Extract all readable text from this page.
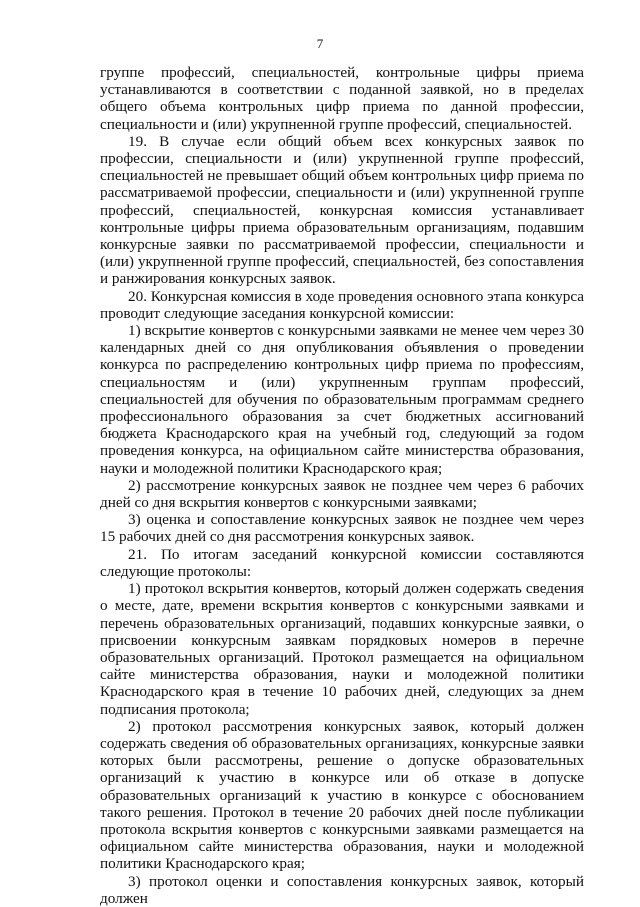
7

группе профессий, специальностей, контрольные цифры приема устанавливаются в соответствии с поданной заявкой, но в пределах общего объема контрольных цифр приема по данной профессии, специальности и (или) укрупненной группе профессий, специальностей.

19. В случае если общий объем всех конкурсных заявок по профессии, специальности и (или) укрупненной группе профессий, специальностей не превышает общий объем контрольных цифр приема по рассматриваемой профессии, специальности и (или) укрупненной группе профессий, специальностей, конкурсная комиссия устанавливает контрольные цифры приема образовательным организациям, подавшим конкурсные заявки по рассматриваемой профессии, специальности и (или) укрупненной группе профессий, специальностей, без сопоставления и ранжирования конкурсных заявок.

20. Конкурсная комиссия в ходе проведения основного этапа конкурса проводит следующие заседания конкурсной комиссии:

1) вскрытие конвертов с конкурсными заявками не менее чем через 30 календарных дней со дня опубликования объявления о проведении конкурса по распределению контрольных цифр приема по профессиям, специальностям и (или) укрупненным группам профессий, специальностей для обучения по образовательным программам среднего профессионального образования за счет бюджетных ассигнований бюджета Краснодарского края на учебный год, следующий за годом проведения конкурса, на официальном сайте министерства образования, науки и молодежной политики Краснодарского края;

2) рассмотрение конкурсных заявок не позднее чем через 6 рабочих дней со дня вскрытия конвертов с конкурсными заявками;

3) оценка и сопоставление конкурсных заявок не позднее чем через 15 рабочих дней со дня рассмотрения конкурсных заявок.

21. По итогам заседаний конкурсной комиссии составляются следующие протоколы:

1) протокол вскрытия конвертов, который должен содержать сведения о месте, дате, времени вскрытия конвертов с конкурсными заявками и перечень образовательных организаций, подавших конкурсные заявки, о присвоении конкурсным заявкам порядковых номеров в перечне образовательных организаций. Протокол размещается на официальном сайте министерства образования, науки и молодежной политики Краснодарского края в течение 10 рабочих дней, следующих за днем подписания протокола;

2) протокол рассмотрения конкурсных заявок, который должен содержать сведения об образовательных организациях, конкурсные заявки которых были рассмотрены, решение о допуске образовательных организаций к участию в конкурсе или об отказе в допуске образовательных организаций к участию в конкурсе с обоснованием такого решения. Протокол в течение 20 рабочих дней после публикации протокола вскрытия конвертов с конкурсными заявками размещается на официальном сайте министерства образования, науки и молодежной политики Краснодарского края;

3) протокол оценки и сопоставления конкурсных заявок, который должен
